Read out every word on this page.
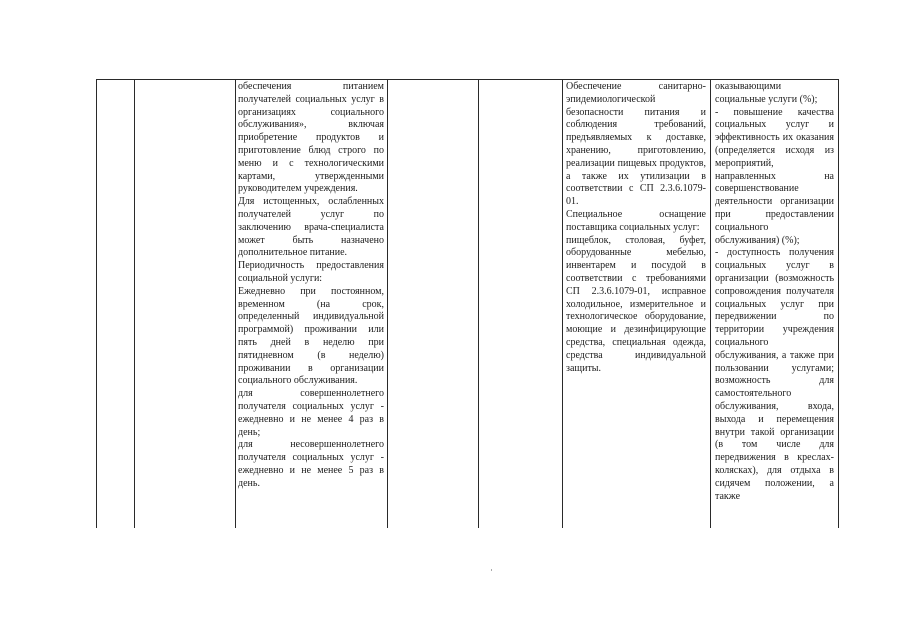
обеспечения питанием получателей социальных услуг в организациях социального обслуживания», включая приобретение продуктов и приготовление блюд строго по меню и с технологическими картами, утвержденными руководителем учреждения.

Для истощенных, ослабленных получателей услуг по заключению врача-специалиста может быть назначено дополнительное питание.

Периодичность предоставления социальной услуги:

Ежедневно при постоянном, временном (на срок, определенный индивидуальной программой) проживании или пять дней в неделю при пятидневном (в неделю) проживании в организации социального обслуживания.

для совершеннолетнего получателя социальных услуг - ежедневно и не менее 4 раз в день;

для несовершеннолетнего получателя социальных услуг - ежедневно и не менее 5 раз в день.

Обеспечение санитарно-эпидемиологической безопасности питания и соблюдения требований, предъявляемых к доставке, хранению, приготовлению, реализации пищевых продуктов, а также их утилизации в соответствии с СП 2.3.6.1079-01.

Специальное оснащение поставщика социальных услуг:

пищеблок, столовая, буфет, оборудованные мебелью, инвентарем и посудой в соответствии с требованиями СП 2.3.6.1079-01, исправное холодильное, измерительное и технологическое оборудование, моющие и дезинфицирующие средства, специальная одежда, средства индивидуальной защиты.

оказывающими социальные услуги (%);

- повышение качества социальных услуг и эффективность их оказания (определяется исходя из мероприятий, направленных на совершенствование деятельности организации при предоставлении социального обслуживания) (%);

- доступность получения социальных услуг в организации (возможность сопровождения получателя социальных услуг при передвижении по территории учреждения социального обслуживания, а также при пользовании услугами; возможность для самостоятельного обслуживания, входа, выхода и перемещения внутри такой организации (в том числе для передвижения в креслах-колясках), для отдыха в сидячем положении, а также
